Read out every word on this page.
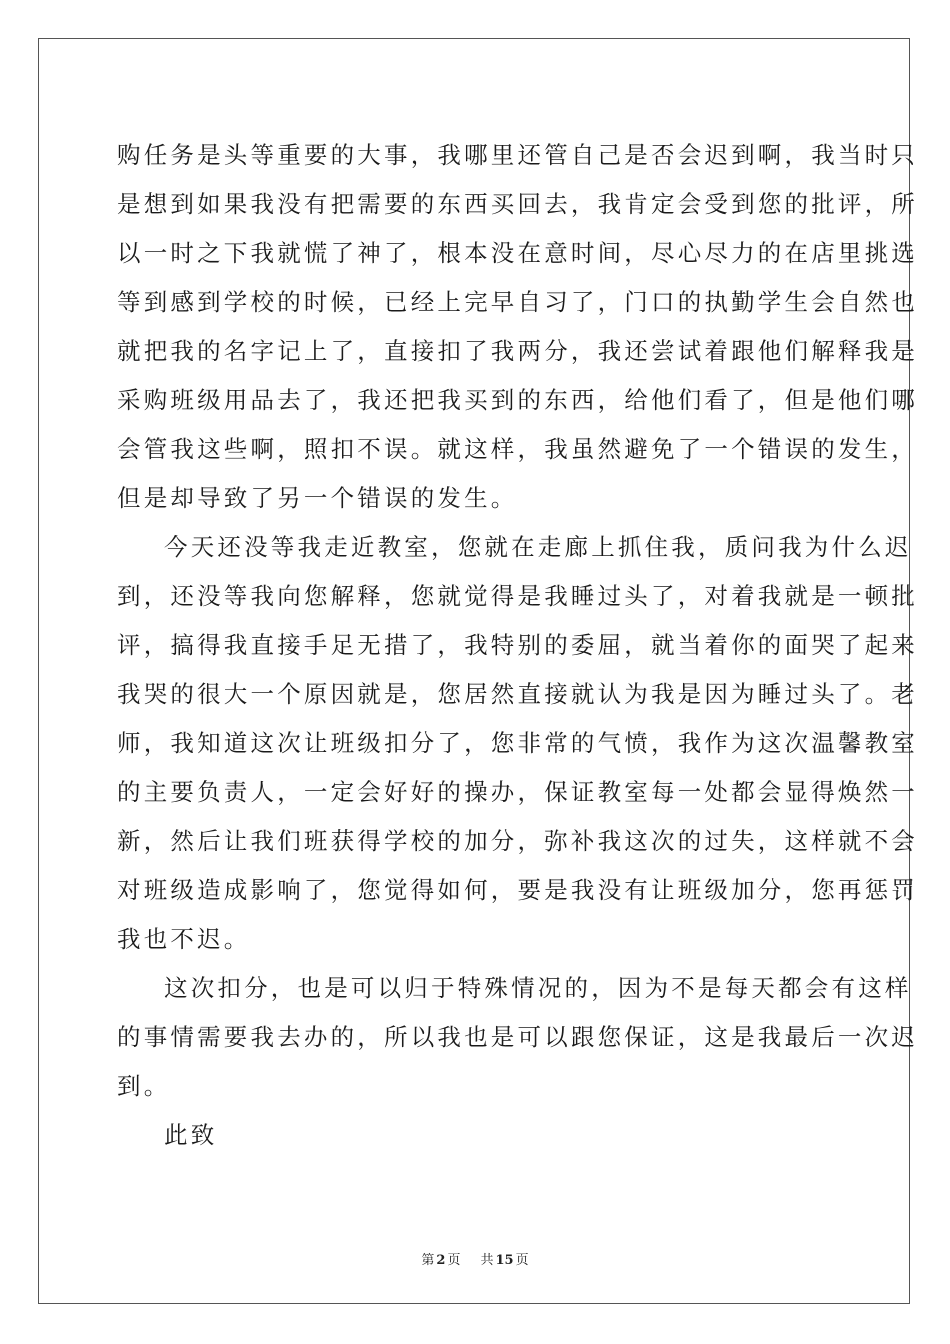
购任务是头等重要的大事，我哪里还管自己是否会迟到啊，我当时只
是想到如果我没有把需要的东西买回去，我肯定会受到您的批评，所
以一时之下我就慌了神了，根本没在意时间，尽心尽力的在店里挑选
等到感到学校的时候，已经上完早自习了，门口的执勤学生会自然也
就把我的名字记上了，直接扣了我两分，我还尝试着跟他们解释我是
采购班级用品去了，我还把我买到的东西，给他们看了，但是他们哪
会管我这些啊，照扣不误。就这样，我虽然避免了一个错误的发生，
但是却导致了另一个错误的发生。
今天还没等我走近教室，您就在走廊上抓住我，质问我为什么迟
到，还没等我向您解释，您就觉得是我睡过头了，对着我就是一顿批
评，搞得我直接手足无措了，我特别的委屈，就当着你的面哭了起来
我哭的很大一个原因就是，您居然直接就认为我是因为睡过头了。老
师，我知道这次让班级扣分了，您非常的气愤，我作为这次温馨教室
的主要负责人，一定会好好的操办，保证教室每一处都会显得焕然一
新，然后让我们班获得学校的加分，弥补我这次的过失，这样就不会
对班级造成影响了，您觉得如何，要是我没有让班级加分，您再惩罚
我也不迟。
这次扣分，也是可以归于特殊情况的，因为不是每天都会有这样
的事情需要我去办的，所以我也是可以跟您保证，这是我最后一次迟
到。
此致
第 2 页 共 15 页
